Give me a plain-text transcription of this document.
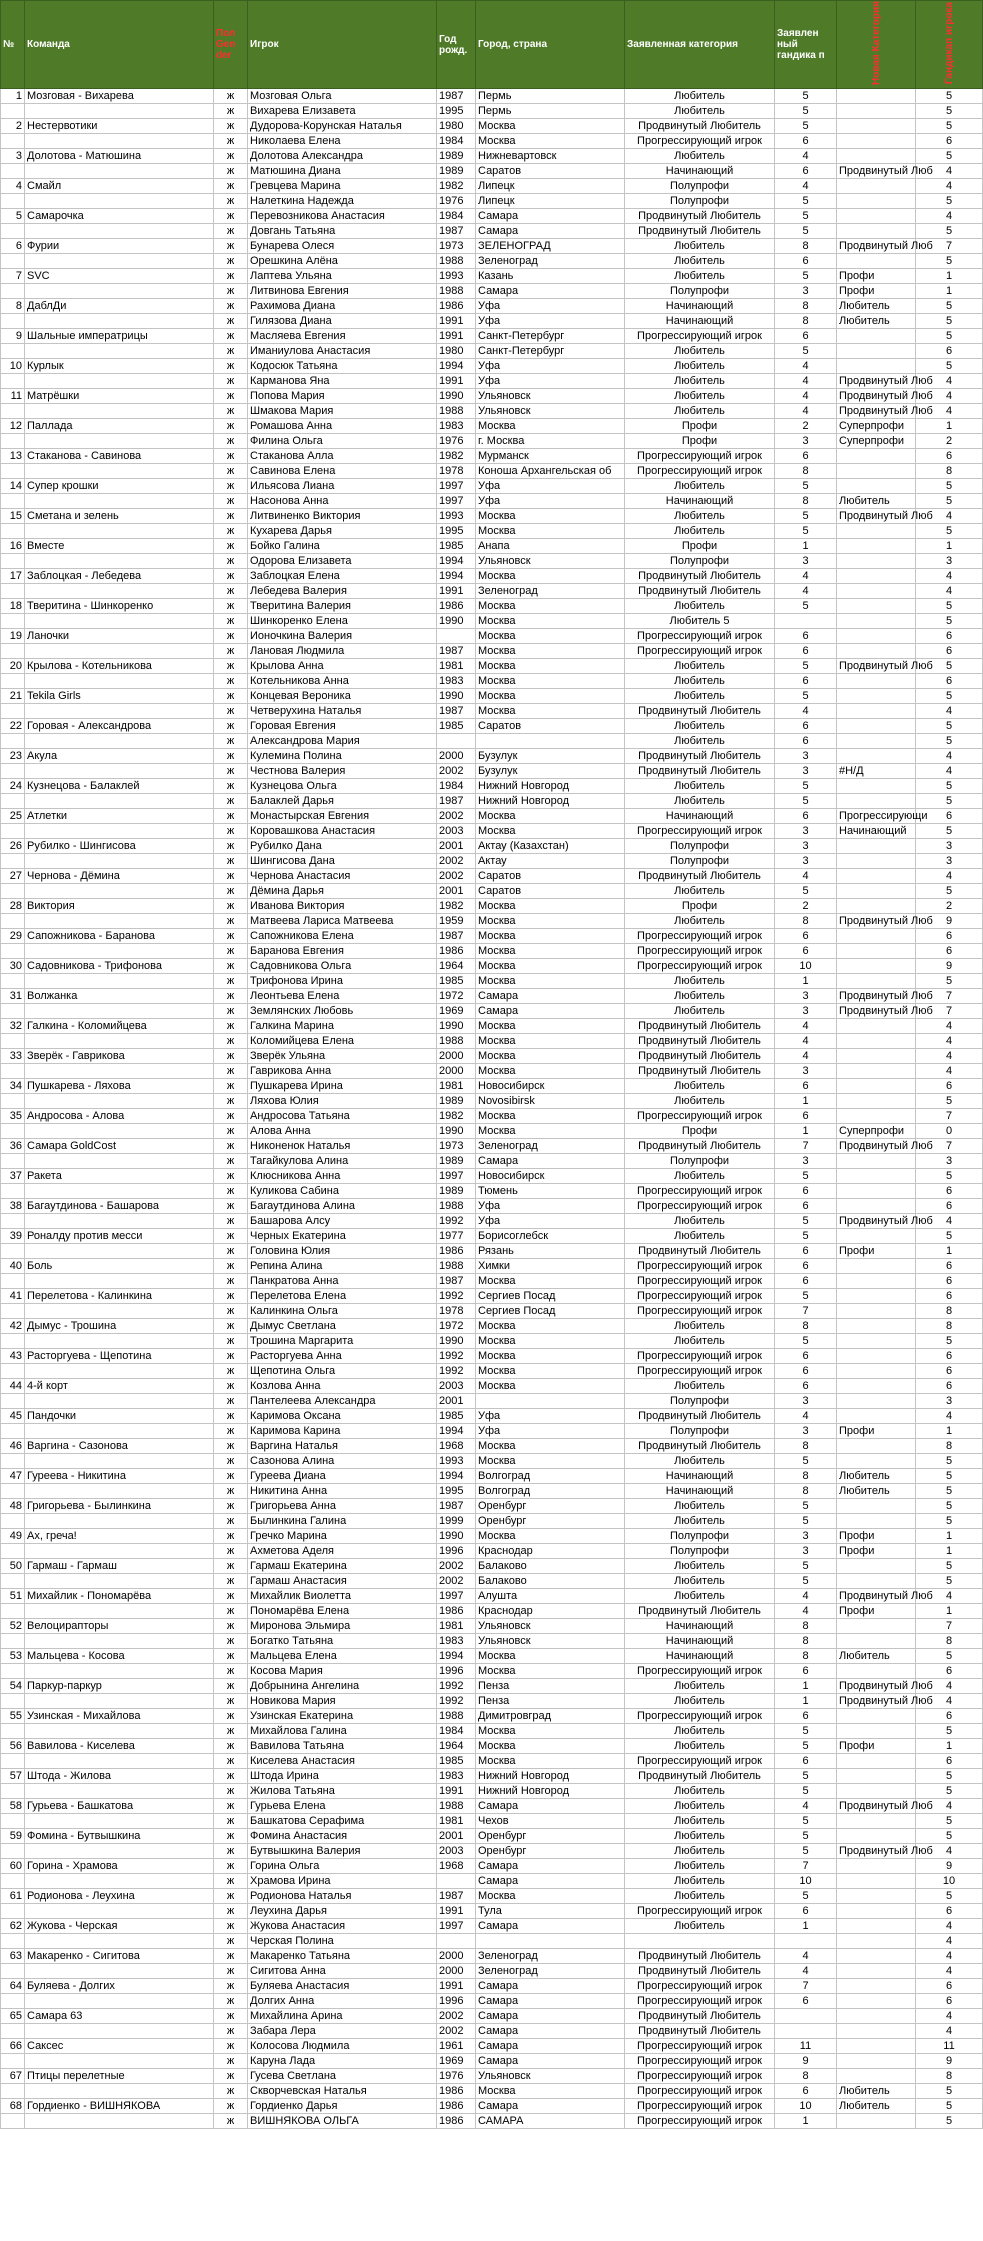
№	Команда	Пол Gen der	Игрок	Год рожд.	Город, страна	Заявленная категория	Заявлен ный гандика п	Новая Категория	Гандикап игрока
1	Мозговая - Вихарева	ж	Мозговая Ольга	1987	Пермь	Любитель	5		5
		ж	Вихарева Елизавета	1995	Пермь	Любитель	5		5
2	Нестервотики	ж	Дудорова-Корунская Наталья	1980	Москва	Продвинутый Любитель	5		5
		ж	Николаева Елена	1984	Москва	Прогрессирующий игрок	6		6
3	Долотова - Матюшина	ж	Долотова Александра	1989	Нижневартовск	Любитель	4		5
		ж	Матюшина Диана	1989	Саратов	Начинающий	6	Продвинутый Люб	4
4	Смайл	ж	Гревцева Марина	1982	Липецк	Полупрофи	4		4
		ж	Налеткина Надежда	1976	Липецк	Полупрофи	5		5
5	Самарочка	ж	Перевозникова Анастасия	1984	Самара	Продвинутый Любитель	5		4
		ж	Довгань Татьяна	1987	Самара	Продвинутый Любитель	5		5
6	Фурии	ж	Бунарева Олеся	1973	ЗЕЛЕНОГРАД	Любитель	8	Продвинутый Люб	7
		ж	Орешкина Алёна	1988	Зеленоград	Любитель	6		5
7	SVC	ж	Лаптева Ульяна	1993	Казань	Любитель	5	Профи	1
		ж	Литвинова Евгения	1988	Самара	Полупрофи	3	Профи	1
8	ДаблДи	ж	Рахимова Диана	1986	Уфа	Начинающий	8	Любитель	5
		ж	Гилязова Диана	1991	Уфа	Начинающий	8	Любитель	5
9	Шальные императрицы	ж	Масляева Евгения	1991	Санкт-Петербург	Прогрессирующий игрок	6		5
		ж	Иманиулова Анастасия	1980	Санкт-Петербург	Любитель	5		6
10	Курлык	ж	Кодосюк Татьяна	1994	Уфа	Любитель	4		5
		ж	Карманова Яна	1991	Уфа	Любитель	4	Продвинутый Люб	4
11	Матрёшки	ж	Попова Мария	1990	Ульяновск	Любитель	4	Продвинутый Люб	4
		ж	Шмакова Мария	1988	Ульяновск	Любитель	4	Продвинутый Люб	4
12	Паллада	ж	Ромашова Анна	1983	Москва	Профи	2	Суперпрофи	1
		ж	Филина Ольга	1976	г. Москва	Профи	3	Суперпрофи	2
13	Стаканова - Савинова	ж	Стаканова Алла	1982	Мурманск	Прогрессирующий игрок	6		6
		ж	Савинова Елена	1978	Коноша Архангельская об	Прогрессирующий игрок	8		8
14	Супер крошки	ж	Ильясова Лиана	1997	Уфа	Любитель	5		5
		ж	Насонова Анна	1997	Уфа	Начинающий	8	Любитель	5
15	Сметана и зелень	ж	Литвиненко Виктория	1993	Москва	Любитель	5	Продвинутый Люб	4
		ж	Кухарева Дарья	1995	Москва	Любитель	5		5
16	Вместе	ж	Бойко Галина	1985	Анапа	Профи	1		1
		ж	Одорова Елизавета	1994	Ульяновск	Полупрофи	3		3
17	Заблоцкая - Лебедева	ж	Заблоцкая Елена	1994	Москва	Продвинутый Любитель	4		4
		ж	Лебедева Валерия	1991	Зеленоград	Продвинутый Любитель	4		4
18	Тверитина - Шинкоренко	ж	Тверитина Валерия	1986	Москва	Любитель	5		5
		ж	Шинкоренко Елена	1990	Москва	Любитель 5			5
19	Ланочки	ж	Ионочкина Валерия		Москва	Прогрессирующий игрок	6		6
		ж	Лановая Людмила	1987	Москва	Прогрессирующий игрок	6		6
20	Крылова - Котельникова	ж	Крылова Анна	1981	Москва	Любитель	5	Продвинутый Люб	5
		ж	Котельникова Анна	1983	Москва	Любитель	6		6
21	Tekila Girls	ж	Концевая Вероника	1990	Москва	Любитель	5		5
		ж	Четверухина Наталья	1987	Москва	Продвинутый Любитель	4		4
22	Горовая - Александрова	ж	Горовая Евгения	1985	Саратов	Любитель	6		5
		ж	Александрова Мария			Любитель	6		5
23	Акула	ж	Кулемина Полина	2000	Бузулук	Продвинутый Любитель	3		4
		ж	Честнова Валерия	2002	Бузулук	Продвинутый Любитель	3	#Н/Д	4
24	Кузнецова - Балаклей	ж	Кузнецова Ольга	1984	Нижний Новгород	Любитель	5		5
		ж	Балаклей Дарья	1987	Нижний Новгород	Любитель	5		5
25	Атлетки	ж	Монастырская Евгения	2002	Москва	Начинающий	6	Прогрессирующи	6
		ж	Коровашкова Анастасия	2003	Москва	Прогрессирующий игрок	3	Начинающий	5
26	Рубилко - Шингисова	ж	Рубилко Дана	2001	Актау (Казахстан)	Полупрофи	3		3
		ж	Шингисова Дана	2002	Актау	Полупрофи	3		3
27	Чернова - Дёмина	ж	Чернова Анастасия	2002	Саратов	Продвинутый Любитель	4		4
		ж	Дёмина Дарья	2001	Саратов	Любитель	5		5
28	Виктория	ж	Иванова Виктория	1982	Москва	Профи	2		2
		ж	Матвеева Лариса Матвеева	1959	Москва	Любитель	8	Продвинутый Люб	9
29	Сапожникова - Баранова	ж	Сапожникова Елена	1987	Москва	Прогрессирующий игрок	6		6
		ж	Баранова Евгения	1986	Москва	Прогрессирующий игрок	6		6
30	Садовникова - Трифонова	ж	Садовникова Ольга	1964	Москва	Прогрессирующий игрок	10		9
		ж	Трифонова Ирина	1985	Москва	Любитель	1		5
31	Волжанка	ж	Леонтьева Елена	1972	Самара	Любитель	3	Продвинутый Люб	7
		ж	Землянских Любовь	1969	Самара	Любитель	3	Продвинутый Люб	7
32	Галкина - Коломийцева	ж	Галкина Марина	1990	Москва	Продвинутый Любитель	4		4
		ж	Коломийцева Елена	1988	Москва	Продвинутый Любитель	4		4
33	Зверёк - Гаврикова	ж	Зверёк Ульяна	2000	Москва	Продвинутый Любитель	4		4
		ж	Гаврикова Анна	2000	Москва	Продвинутый Любитель	3		4
34	Пушкарева - Ляхова	ж	Пушкарева Ирина	1981	Новосибирск	Любитель	6		6
		ж	Ляхова Юлия	1989	Novosibirsk	Любитель	1		5
35	Андросова - Алова	ж	Андросова Татьяна	1982	Москва	Прогрессирующий игрок	6		7
		ж	Алова Анна	1990	Москва	Профи	1	Суперпрофи	0
36	Самара GoldCost	ж	Никоненок Наталья	1973	Зеленоград	Продвинутый Любитель	7	Продвинутый Люб	7
		ж	Тагайкулова Алина	1989	Самара	Полупрофи	3		3
37	Ракета	ж	Клюсникова Анна	1997	Новосибирск	Любитель	5		5
		ж	Куликова Сабина	1989	Тюмень	Прогрессирующий игрок	6		6
38	Багаутдинова - Башарова	ж	Багаутдинова Алина	1988	Уфа	Прогрессирующий игрок	6		6
		ж	Башарова Алсу	1992	Уфа	Любитель	5	Продвинутый Люб	4
39	Роналду против месси	ж	Черных Екатерина	1977	Борисоглебск	Любитель	5		5
		ж	Головина Юлия	1986	Рязань	Продвинутый Любитель	6	Профи	1
40	Боль	ж	Репина Алина	1988	Химки	Прогрессирующий игрок	6		6
		ж	Панкратова Анна	1987	Москва	Прогрессирующий игрок	6		6
41	Перелетова - Калинкина	ж	Перелетова Елена	1992	Сергиев Посад	Прогрессирующий игрок	5		6
		ж	Калинкина Ольга	1978	Сергиев Посад	Прогрессирующий игрок	7		8
42	Дымус - Трошина	ж	Дымус Светлана	1972	Москва	Любитель	8		8
		ж	Трошина Маргарита	1990	Москва	Любитель	5		5
43	Расторгуева - Щепотина	ж	Расторгуева Анна	1992	Москва	Прогрессирующий игрок	6		6
		ж	Щепотина Ольга	1992	Москва	Прогрессирующий игрок	6		6
44	4-й корт	ж	Козлова Анна	2003	Москва	Любитель	6		6
		ж	Пантелеева Александра	2001		Полупрофи	3		3
45	Пандочки	ж	Каримова Оксана	1985	Уфа	Продвинутый Любитель	4		4
		ж	Каримова Карина	1994	Уфа	Полупрофи	3	Профи	1
46	Варгина - Сазонова	ж	Варгина Наталья	1968	Москва	Продвинутый Любитель	8		8
		ж	Сазонова Алина	1993	Москва	Любитель	5		5
47	Гуреева - Никитина	ж	Гуреева Диана	1994	Волгоград	Начинающий	8	Любитель	5
		ж	Никитина Анна	1995	Волгоград	Начинающий	8	Любитель	5
48	Григорьева - Былинкина	ж	Григорьева Анна	1987	Оренбург	Любитель	5		5
		ж	Былинкина Галина	1999	Оренбург	Любитель	5		5
49	Ах, греча!	ж	Гречко Марина	1990	Москва	Полупрофи	3	Профи	1
		ж	Ахметова Аделя	1996	Краснодар	Полупрофи	3	Профи	1
50	Гармаш - Гармаш	ж	Гармаш Екатерина	2002	Балаково	Любитель	5		5
		ж	Гармаш Анастасия	2002	Балаково	Любитель	5		5
51	Михайлик - Пономарёва	ж	Михайлик Виолетта	1997	Алушта	Любитель	4	Продвинутый Люб	4
		ж	Пономарёва Елена	1986	Краснодар	Продвинутый Любитель	4	Профи	1
52	Велоцирапторы	ж	Миронова Эльмира	1981	Ульяновск	Начинающий	8		7
		ж	Богатко Татьяна	1983	Ульяновск	Начинающий	8		8
53	Мальцева - Косова	ж	Мальцева Елена	1994	Москва	Начинающий	8	Любитель	5
		ж	Косова Мария	1996	Москва	Прогрессирующий игрок	6		6
54	Паркур-паркур	ж	Добрынина Ангелина	1992	Пенза	Любитель	1	Продвинутый Люб	4
		ж	Новикова Мария	1992	Пенза	Любитель	1	Продвинутый Люб	4
55	Узинская - Михайлова	ж	Узинская Екатерина	1988	Димитровград	Прогрессирующий игрок	6		6
		ж	Михайлова Галина	1984	Москва	Любитель	5		5
56	Вавилова - Киселева	ж	Вавилова Татьяна	1964	Москва	Любитель	5	Профи	1
		ж	Киселева Анастасия	1985	Москва	Прогрессирующий игрок	6		6
57	Штода - Жилова	ж	Штода Ирина	1983	Нижний Новгород	Продвинутый Любитель	5		5
		ж	Жилова Татьяна	1991	Нижний Новгород	Любитель	5		5
58	Гурьева - Башкатова	ж	Гурьева Елена	1988	Самара	Любитель	4	Продвинутый Люб	4
		ж	Башкатова Серафима	1981	Чехов	Любитель	5		5
59	Фомина - Бутвышкина	ж	Фомина Анастасия	2001	Оренбург	Любитель	5		5
		ж	Бутвышкина Валерия	2003	Оренбург	Любитель	5	Продвинутый Люб	4
60	Горина - Храмова	ж	Горина Ольга	1968	Самара	Любитель	7		9
		ж	Храмова Ирина		Самара	Любитель	10		10
61	Родионова - Леухина	ж	Родионова Наталья	1987	Москва	Любитель	5		5
		ж	Леухина Дарья	1991	Тула	Прогрессирующий игрок	6		6
62	Жукова - Черская	ж	Жукова Анастасия	1997	Самара	Любитель	1		4
		ж	Черская Полина						4
63	Макаренко - Сигитова	ж	Макаренко Татьяна	2000	Зеленоград	Продвинутый Любитель	4		4
		ж	Сигитова Анна	2000	Зеленоград	Продвинутый Любитель	4		4
64	Буляева - Долгих	ж	Буляева Анастасия	1991	Самара	Прогрессирующий игрок	7		6
		ж	Долгих Анна	1996	Самара	Прогрессирующий игрок	6		6
65	Самара 63	ж	Михайлина Арина	2002	Самара	Продвинутый Любитель			4
		ж	Забара Лера	2002	Самара	Продвинутый Любитель			4
66	Саксес	ж	Колосова Людмила	1961	Самара	Прогрессирующий игрок	11		11
		ж	Каруна Лада	1969	Самара	Прогрессирующий игрок	9		9
67	Птицы перелетные	ж	Гусева Светлана	1976	Ульяновск	Прогрессирующий игрок	8		8
		ж	Скворчевская Наталья	1986	Москва	Прогрессирующий игрок	6	Любитель	5
68	Гордиенко - ВИШНЯКОВА	ж	Гордиенко Дарья	1986	Самара	Прогрессирующий игрок	10	Любитель	5
		ж	ВИШНЯКОВА ОЛЬГА	1986	САМАРА	Прогрессирующий игрок	1		5
